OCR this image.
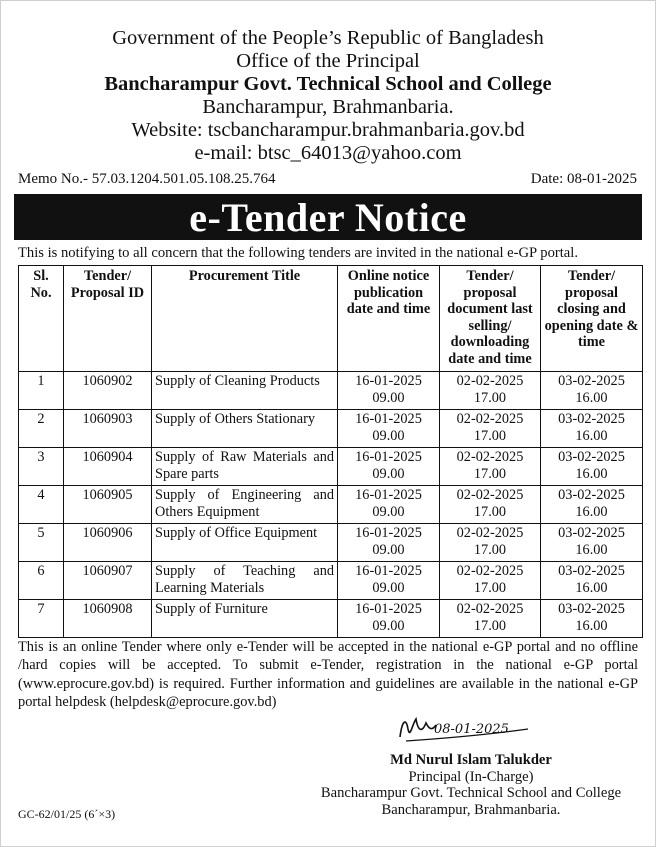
Government of the People’s Republic of Bangladesh
Office of the Principal
Bancharampur Govt. Technical School and College
Bancharampur, Brahmanbaria.
Website: tscbancharampur.brahmanbaria.gov.bd
e-mail: btsc_64013@yahoo.com
Memo No.- 57.03.1204.501.05.108.25.764	Date: 08-01-2025
e-Tender Notice
This is notifying to all concern that the following tenders are invited in the national e-GP portal.
Sl. No.	Tender/ Proposal ID	Procurement Title	Online notice publication date and time	Tender/ proposal document last selling/ downloading date and time	Tender/ proposal closing and opening date & time
1	1060902	Supply of Cleaning Products	16-01-2025 09.00	02-02-2025 17.00	03-02-2025 16.00
2	1060903	Supply of Others Stationary	16-01-2025 09.00	02-02-2025 17.00	03-02-2025 16.00
3	1060904	Supply of Raw Materials and Spare parts	16-01-2025 09.00	02-02-2025 17.00	03-02-2025 16.00
4	1060905	Supply of Engineering and Others Equipment	16-01-2025 09.00	02-02-2025 17.00	03-02-2025 16.00
5	1060906	Supply of Office Equipment	16-01-2025 09.00	02-02-2025 17.00	03-02-2025 16.00
6	1060907	Supply of Teaching and Learning Materials	16-01-2025 09.00	02-02-2025 17.00	03-02-2025 16.00
7	1060908	Supply of Furniture	16-01-2025 09.00	02-02-2025 17.00	03-02-2025 16.00
This is an online Tender where only e-Tender will be accepted in the national e-GP portal and no offline /hard copies will be accepted. To submit e-Tender, registration in the national e-GP portal (www.eprocure.gov.bd) is required. Further information and guidelines are available in the national e-GP portal helpdesk (helpdesk@eprocure.gov.bd)
08-01-2025
Md Nurul Islam Talukder
Principal (In-Charge)
Bancharampur Govt. Technical School and College
Bancharampur, Brahmanbaria.
GC-62/01/25 (6´×3)
